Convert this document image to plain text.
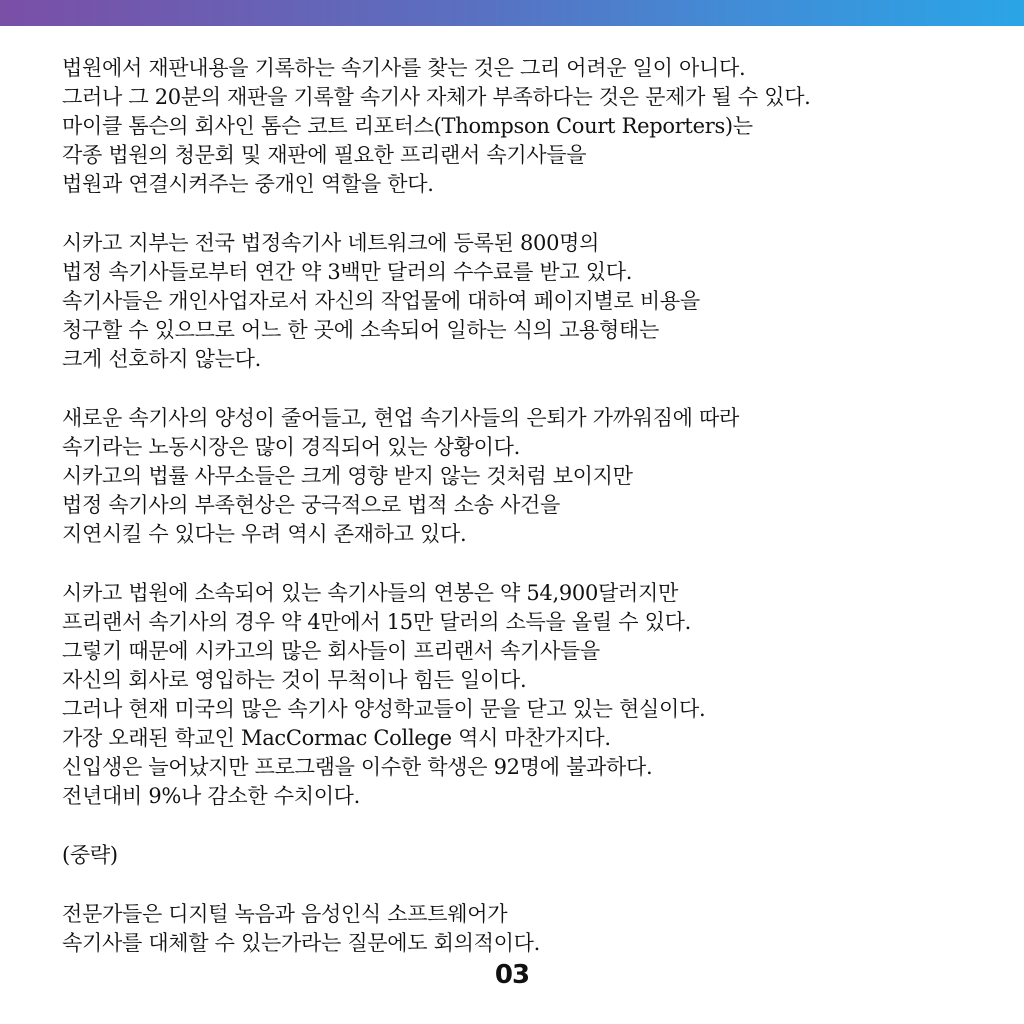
법원에서 재판내용을 기록하는 속기사를 찾는 것은 그리 어려운 일이 아니다.
그러나 그 20분의 재판을 기록할 속기사 자체가 부족하다는 것은 문제가 될 수 있다.
마이클 톰슨의 회사인 톰슨 코트 리포터스(Thompson Court Reporters)는
각종 법원의 청문회 및 재판에 필요한 프리랜서 속기사들을
법원과 연결시켜주는 중개인 역할을 한다.
시카고 지부는 전국 법정속기사 네트워크에 등록된 800명의
법정 속기사들로부터 연간 약 3백만 달러의 수수료를 받고 있다.
속기사들은 개인사업자로서 자신의 작업물에 대하여 페이지별로 비용을
청구할 수 있으므로 어느 한 곳에 소속되어 일하는 식의 고용형태는
크게 선호하지 않는다.
새로운 속기사의 양성이 줄어들고, 현업 속기사들의 은퇴가 가까워짐에 따라
속기라는 노동시장은 많이 경직되어 있는 상황이다.
시카고의 법률 사무소들은 크게 영향 받지 않는 것처럼 보이지만
법정 속기사의 부족현상은 궁극적으로 법적 소송 사건을
지연시킬 수 있다는 우려 역시 존재하고 있다.
시카고 법원에 소속되어 있는 속기사들의 연봉은 약 54,900달러지만
프리랜서 속기사의 경우 약 4만에서 15만 달러의 소득을 올릴 수 있다.
그렇기 때문에 시카고의 많은 회사들이 프리랜서 속기사들을
자신의 회사로 영입하는 것이 무척이나 힘든 일이다.
그러나 현재 미국의 많은 속기사 양성학교들이 문을 닫고 있는 현실이다.
가장 오래된 학교인 MacCormac College 역시 마찬가지다.
신입생은 늘어났지만 프로그램을 이수한 학생은 92명에 불과하다.
전년대비 9%나 감소한 수치이다.
(중략)
전문가들은 디지털 녹음과 음성인식 소프트웨어가
속기사를 대체할 수 있는가라는 질문에도 회의적이다.
03
